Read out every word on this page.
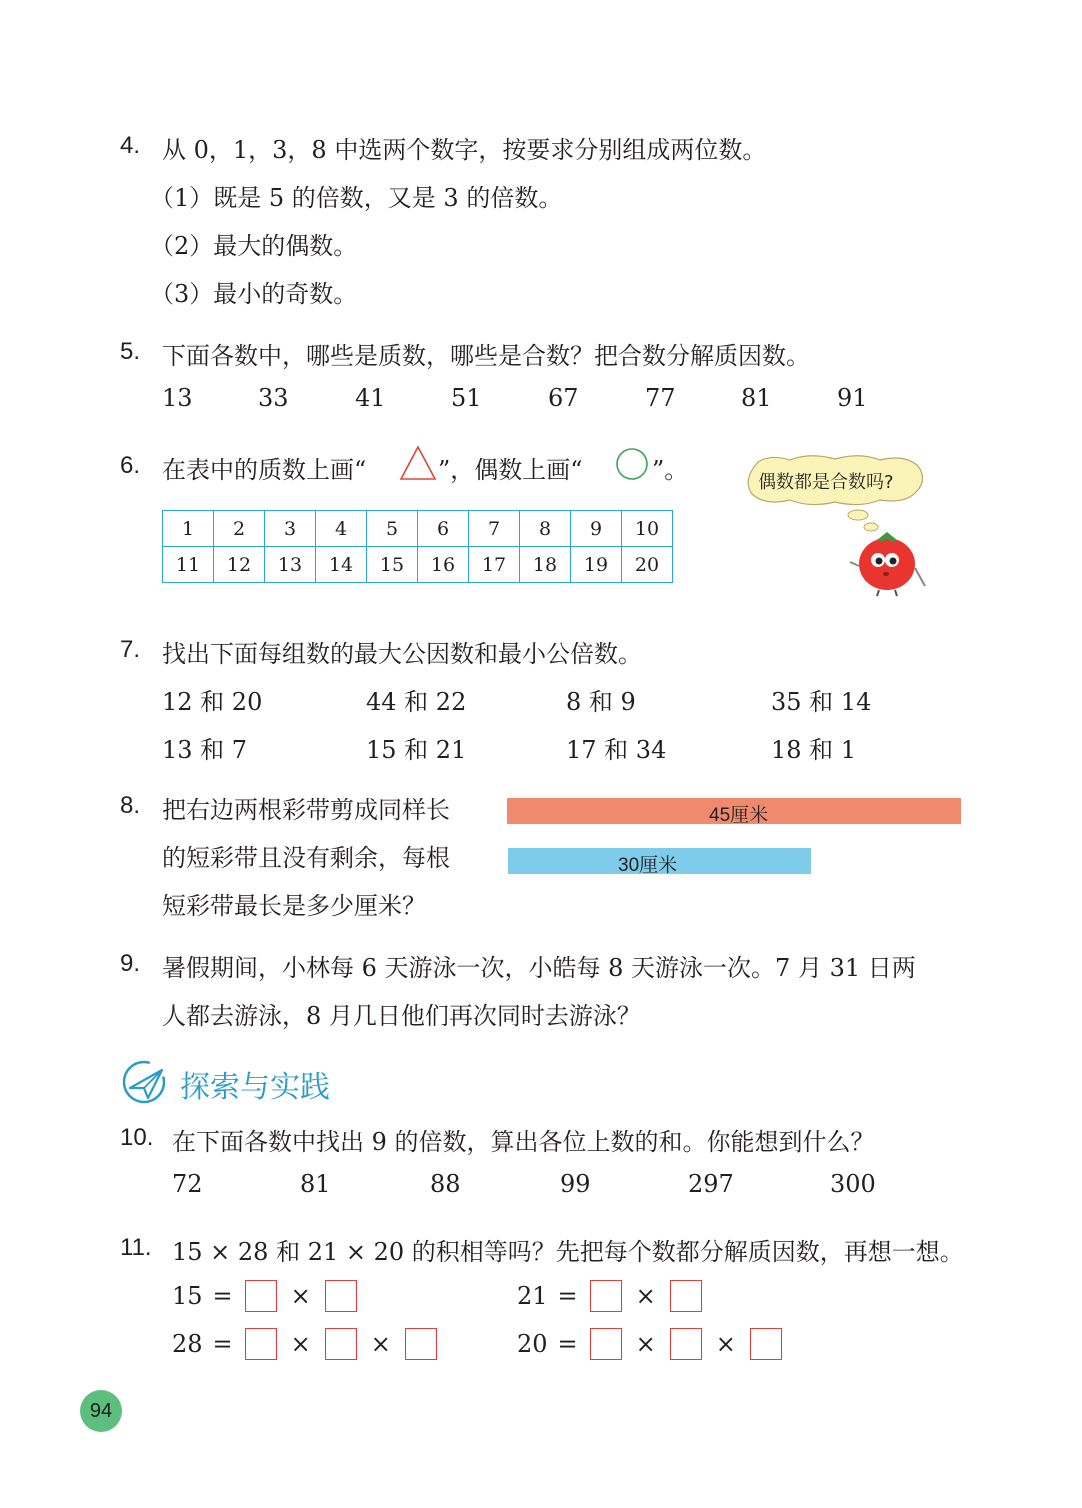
4. 从 0，1，3，8 中选两个数字，按要求分别组成两位数。
（1）既是 5 的倍数，又是 3 的倍数。
（2）最大的偶数。
（3）最小的奇数。
5. 下面各数中，哪些是质数，哪些是合数？把合数分解质因数。
13	33	41	51	67	77	81	91
6. 在表中的质数上画“	”，偶数上画“	”。
1	2	3	4	5	6	7	8	9	10
11	12	13	14	15	16	17	18	19	20
偶数都是合数吗?
7. 找出下面每组数的最大公因数和最小公倍数。
12 和 20	44 和 22	8 和 9	35 和 14
13 和 7	15 和 21	17 和 34	18 和 1
8. 把右边两根彩带剪成同样长
的短彩带且没有剩余，每根
短彩带最长是多少厘米？
45厘米
30厘米
9. 暑假期间，小林每 6 天游泳一次，小皓每 8 天游泳一次。7 月 31 日两
人都去游泳，8 月几日他们再次同时去游泳？
探索与实践
10. 在下面各数中找出 9 的倍数，算出各位上数的和。你能想到什么？
72	81	88	99	297	300
11. 15 × 28 和 21 × 20 的积相等吗？先把每个数都分解质因数，再想一想。
15 = ×	21 = ×
28 = ×	×	20 = ×	×
94
